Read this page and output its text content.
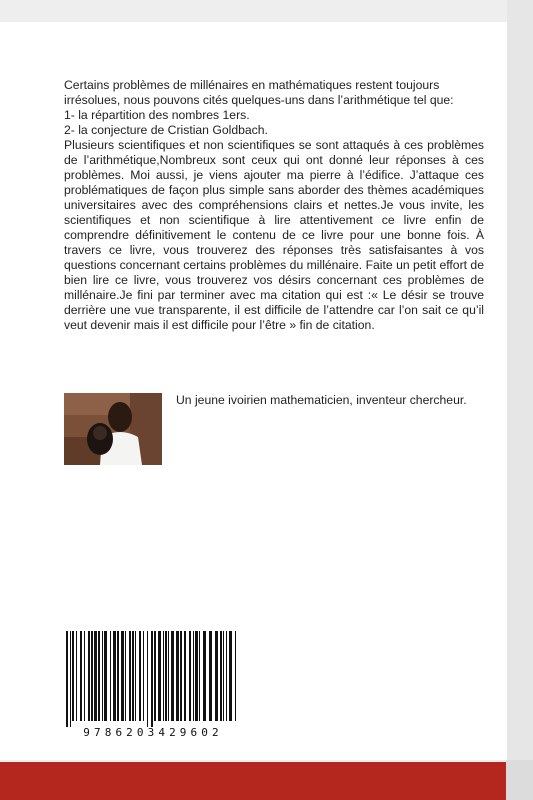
Certains problèmes de millénaires en mathématiques restent toujours
irrésolues, nous pouvons cités quelques-uns dans l’arithmétique tel que:
1- la répartition des nombres 1ers.
2- la conjecture de Cristian Goldbach.
Plusieurs scientifiques et non scientifiques se sont attaqués à ces problèmes de l’arithmétique,Nombreux sont ceux qui ont donné leur réponses à ces problèmes. Moi aussi, je viens ajouter ma pierre à l’édifice. J’attaque ces problématiques de façon plus simple sans aborder des thèmes académiques universitaires avec des compréhensions clairs et nettes.Je vous invite, les scientifiques et non scientifique à lire attentivement ce livre enfin de comprendre définitivement le contenu de ce livre pour une bonne fois. À travers ce livre, vous trouverez des réponses très satisfaisantes à vos questions concernant certains problèmes du millénaire. Faite un petit effort de bien lire ce livre, vous trouverez vos désirs concernant ces problèmes de millénaire.Je fini par terminer avec ma citation qui est :« Le désir se trouve derrière une vue transparente, il est difficile de l’attendre car l’on sait ce qu’il veut devenir mais il est difficile pour l’être » fin de citation.
Un jeune ivoirien mathematicien, inventeur chercheur.
9786203429602
